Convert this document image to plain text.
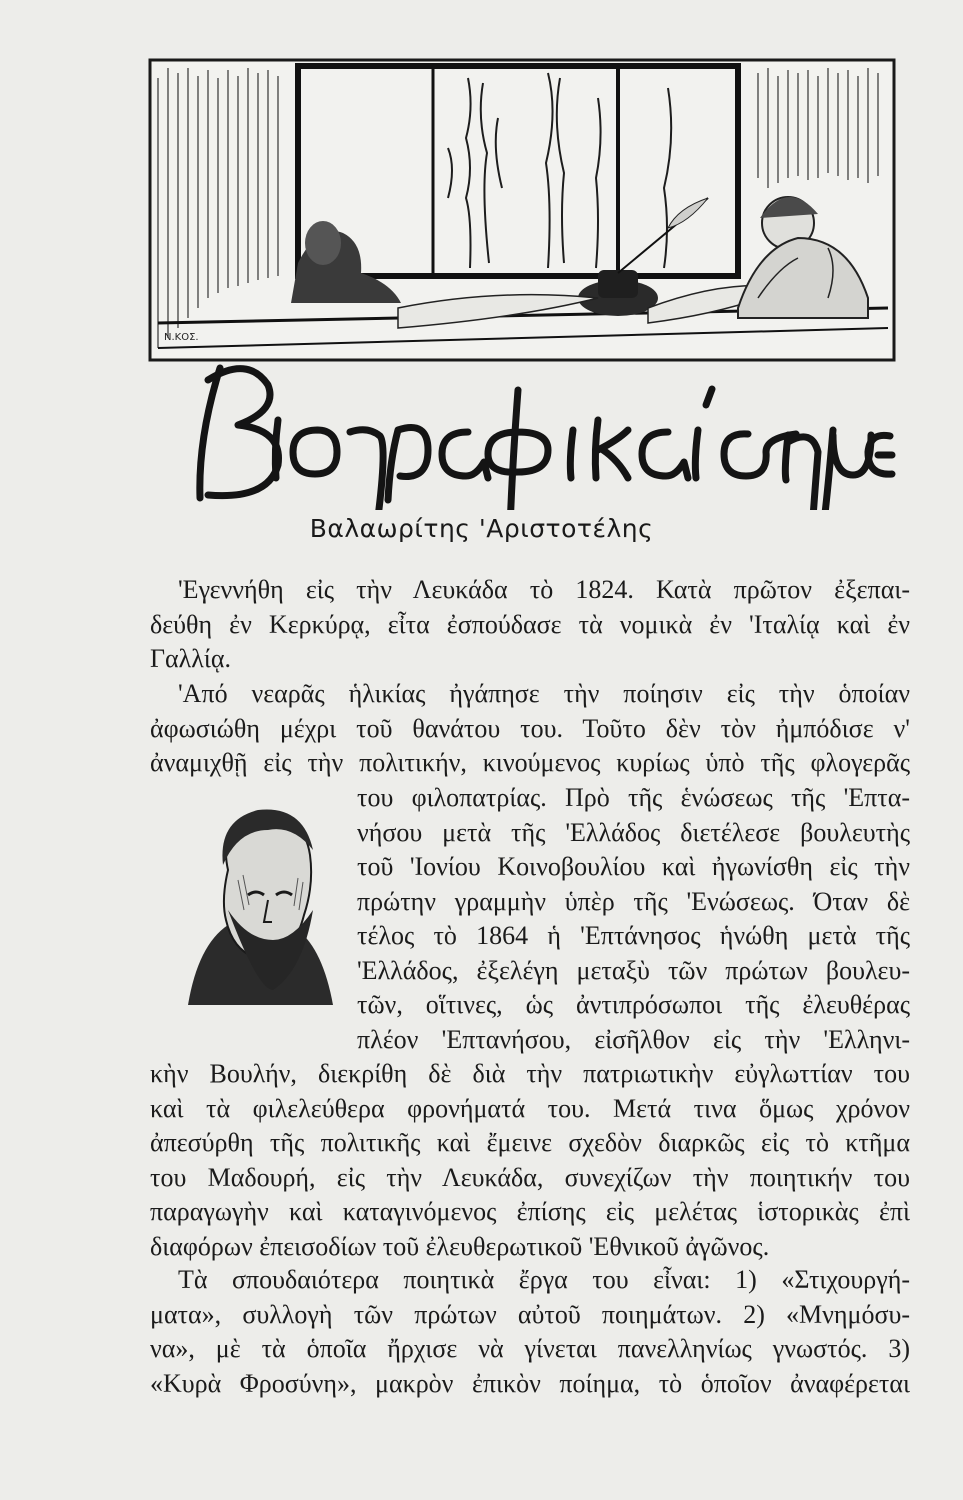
Ν.ΚΟΣ.
Βαλαωρίτης 'Αριστοτέλης
'Εγεννήθη εἰς τὴν Λευκάδα τὸ 1824. Κατὰ πρῶτον ἐξεπαι-
δεύθη ἐν Κερκύρᾳ, εἶτα ἐσπούδασε τὰ νομικὰ ἐν 'Ιταλίᾳ καὶ ἐν
Γαλλίᾳ.
'Από νεαρᾶς ἡλικίας ἠγάπησε τὴν ποίησιν εἰς τὴν ὁποίαν
ἀφωσιώθη μέχρι τοῦ θανάτου του. Τοῦτο δὲν τὸν ἠμπόδισε ν'
ἀναμιχθῇ εἰς τὴν πολιτικήν, κινούμενος κυρίως ὑπὸ τῆς φλογερᾶς
του φιλοπατρίας. Πρὸ τῆς ἑνώσεως τῆς 'Επτα-
νήσου μετὰ τῆς 'Ελλάδος διετέλεσε βουλευτὴς
τοῦ 'Ιονίου Κοινοβουλίου καὶ ἠγωνίσθη εἰς τὴν
πρώτην γραμμὴν ὑπὲρ τῆς 'Ενώσεως. Όταν δὲ
τέλος τὸ 1864 ἡ 'Επτάνησος ἡνώθη μετὰ τῆς
'Ελλάδος, ἐξελέγη μεταξὺ τῶν πρώτων βουλευ-
τῶν, οἵτινες, ὡς ἀντιπρόσωποι τῆς ἐλευθέρας
πλέον 'Επτανήσου, εἰσῆλθον εἰς τὴν 'Ελληνι-
κὴν Βουλήν, διεκρίθη δὲ διὰ τὴν πατριωτικὴν εὐγλωττίαν του
καὶ τὰ φιλελεύθερα φρονήματά του. Μετά τινα ὅμως χρόνον
ἀπεσύρθη τῆς πολιτικῆς καὶ ἔμεινε σχεδὸν διαρκῶς εἰς τὸ κτῆμα
του Μαδουρή, εἰς τὴν Λευκάδα, συνεχίζων τὴν ποιητικήν του
παραγωγὴν καὶ καταγινόμενος ἐπίσης εἰς μελέτας ἱστορικὰς ἐπὶ
διαφόρων ἐπεισοδίων τοῦ ἐλευθερωτικοῦ 'Εθνικοῦ ἀγῶνος.
Τὰ σπουδαιότερα ποιητικὰ ἔργα του εἶναι: 1) «Στιχουργή-
ματα», συλλογὴ τῶν πρώτων αὐτοῦ ποιημάτων. 2) «Μνημόσυ-
να», μὲ τὰ ὁποῖα ἤρχισε νὰ γίνεται πανελληνίως γνωστός. 3)
«Κυρὰ Φροσύνη», μακρὸν ἐπικὸν ποίημα, τὸ ὁποῖον ἀναφέρεται
